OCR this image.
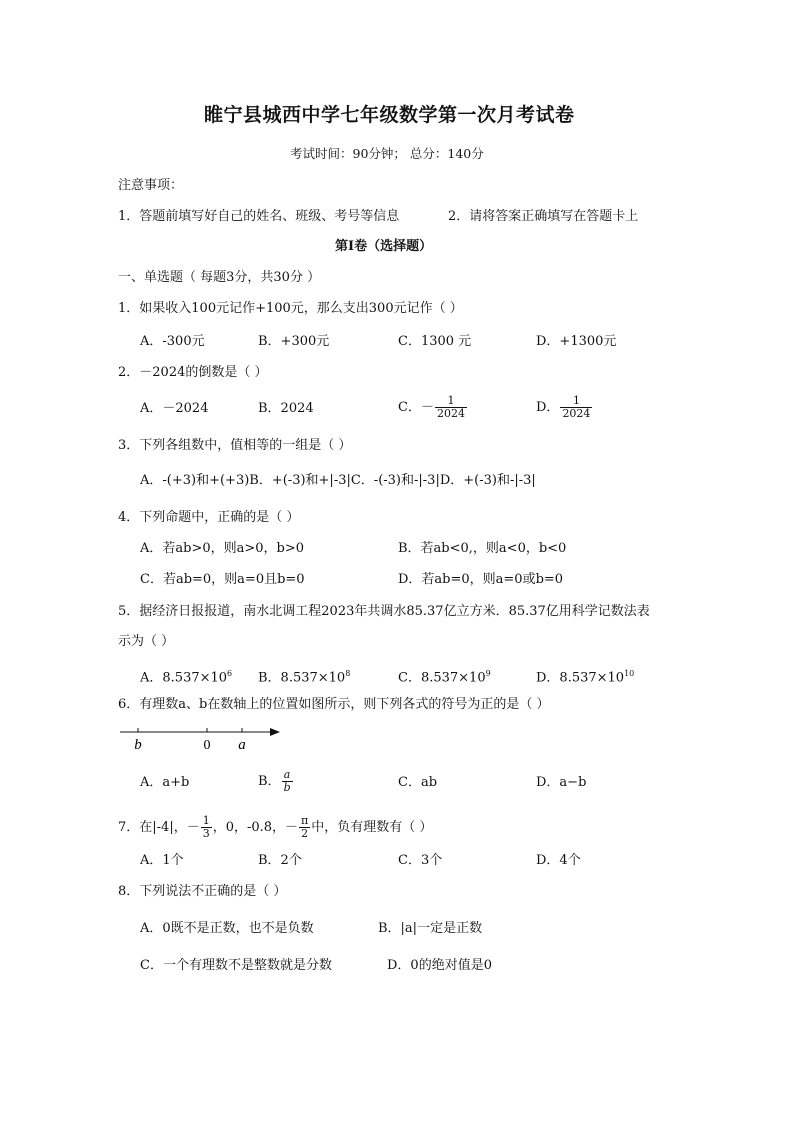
睢宁县城西中学七年级数学第一次月考试卷
考试时间：90分钟； 总分：140分
注意事项：
1．答题前填写好自己的姓名、班级、考号等信息	2．请将答案正确填写在答题卡上
第I卷（选择题）
一、单选题（ 每题3分，共30分 ）
1．如果收入100元记作+100元，那么支出300元记作（ ）
A．-300元	B．+300元	C．1300 元	D．+1300元
2．－2024的倒数是（ ）
A．－2024	B．2024	C．－ $\frac{1}{2024}$	D． $\frac{1}{2024}$
3．下列各组数中，值相等的一组是（ ）
A．-(+3)和+(+3)B．+(-3)和+|-3|C．-(-3)和-|-3|D．+(-3)和-|-3|
4．下列命题中，正确的是（ ）
A．若ab>0，则a>0，b>0	B．若ab<0,，则a<0，b<0
C．若ab=0，则a=0且b=0	D．若ab=0，则a=0或b=0
5．据经济日报报道，南水北调工程2023年共调水85.37亿立方米．85.37亿用科学记数法表
示为（ ）
A．$8.537\times 10^6$ B．$8.537\times 10^8$	C．$8.537\times 10^9$	D．$8.537\times 10^{10}$
6．有理数a、b在数轴上的位置如图所示，则下列各式的符号为正的是（ ）
b	0 a
A．a+b	B． $\frac{a}{b}$	C．ab	D．a−b
7．在|-4|，－ $\frac{1}{3}$ ，0，-0.8̇，－ $\frac{\pi}{2}$ 中，负有理数有（ ）
A．1个	B．2个	C．3个	D．4个
8．下列说法不正确的是（ ）
A．0既不是正数，也不是负数	B．|a|一定是正数
C．一个有理数不是整数就是分数	D．0的绝对值是0
